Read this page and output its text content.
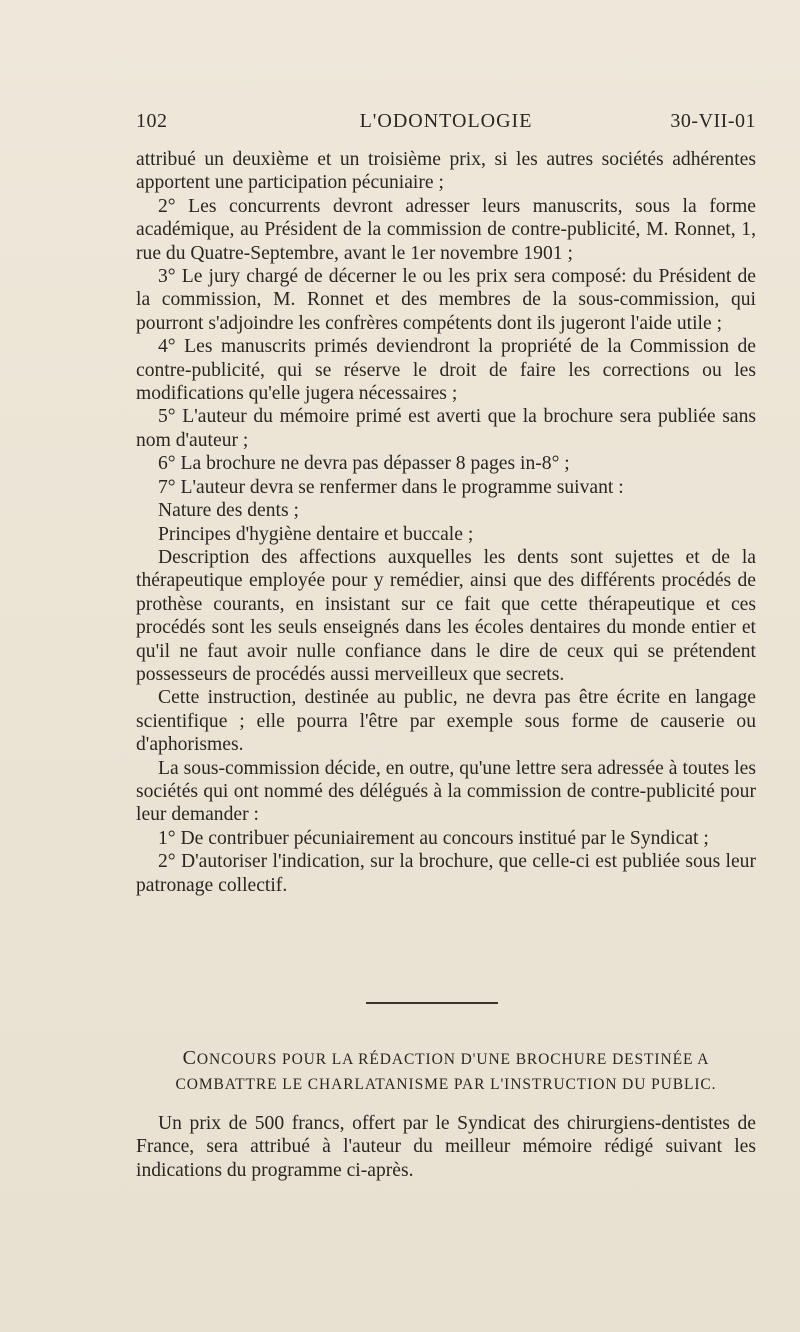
102	L'ODONTOLOGIE	30-VII-01

attribué un deuxième et un troisième prix, si les autres sociétés adhérentes apportent une participation pécuniaire ;

2° Les concurrents devront adresser leurs manuscrits, sous la forme académique, au Président de la commission de contre-publicité, M. Ronnet, 1, rue du Quatre-Septembre, avant le 1er novembre 1901 ;

3° Le jury chargé de décerner le ou les prix sera composé: du Président de la commission, M. Ronnet et des membres de la sous-commission, qui pourront s'adjoindre les confrères compétents dont ils jugeront l'aide utile ;

4° Les manuscrits primés deviendront la propriété de la Commission de contre-publicité, qui se réserve le droit de faire les corrections ou les modifications qu'elle jugera nécessaires ;

5° L'auteur du mémoire primé est averti que la brochure sera publiée sans nom d'auteur ;

6° La brochure ne devra pas dépasser 8 pages in-8° ;

7° L'auteur devra se renfermer dans le programme suivant :

Nature des dents ;

Principes d'hygiène dentaire et buccale ;

Description des affections auxquelles les dents sont sujettes et de la thérapeutique employée pour y remédier, ainsi que des différents procédés de prothèse courants, en insistant sur ce fait que cette thérapeutique et ces procédés sont les seuls enseignés dans les écoles dentaires du monde entier et qu'il ne faut avoir nulle confiance dans le dire de ceux qui se prétendent possesseurs de procédés aussi merveilleux que secrets.

Cette instruction, destinée au public, ne devra pas être écrite en langage scientifique ; elle pourra l'être par exemple sous forme de causerie ou d'aphorismes.

La sous-commission décide, en outre, qu'une lettre sera adressée à toutes les sociétés qui ont nommé des délégués à la commission de contre-publicité pour leur demander :

1° De contribuer pécuniairement au concours institué par le Syndicat ;

2° D'autoriser l'indication, sur la brochure, que celle-ci est publiée sous leur patronage collectif.

CONCOURS POUR LA RÉDACTION D'UNE BROCHURE DESTINÉE A COMBATTRE LE CHARLATANISME PAR L'INSTRUCTION DU PUBLIC.

Un prix de 500 francs, offert par le Syndicat des chirurgiens-dentistes de France, sera attribué à l'auteur du meilleur mémoire rédigé suivant les indications du programme ci-après.
